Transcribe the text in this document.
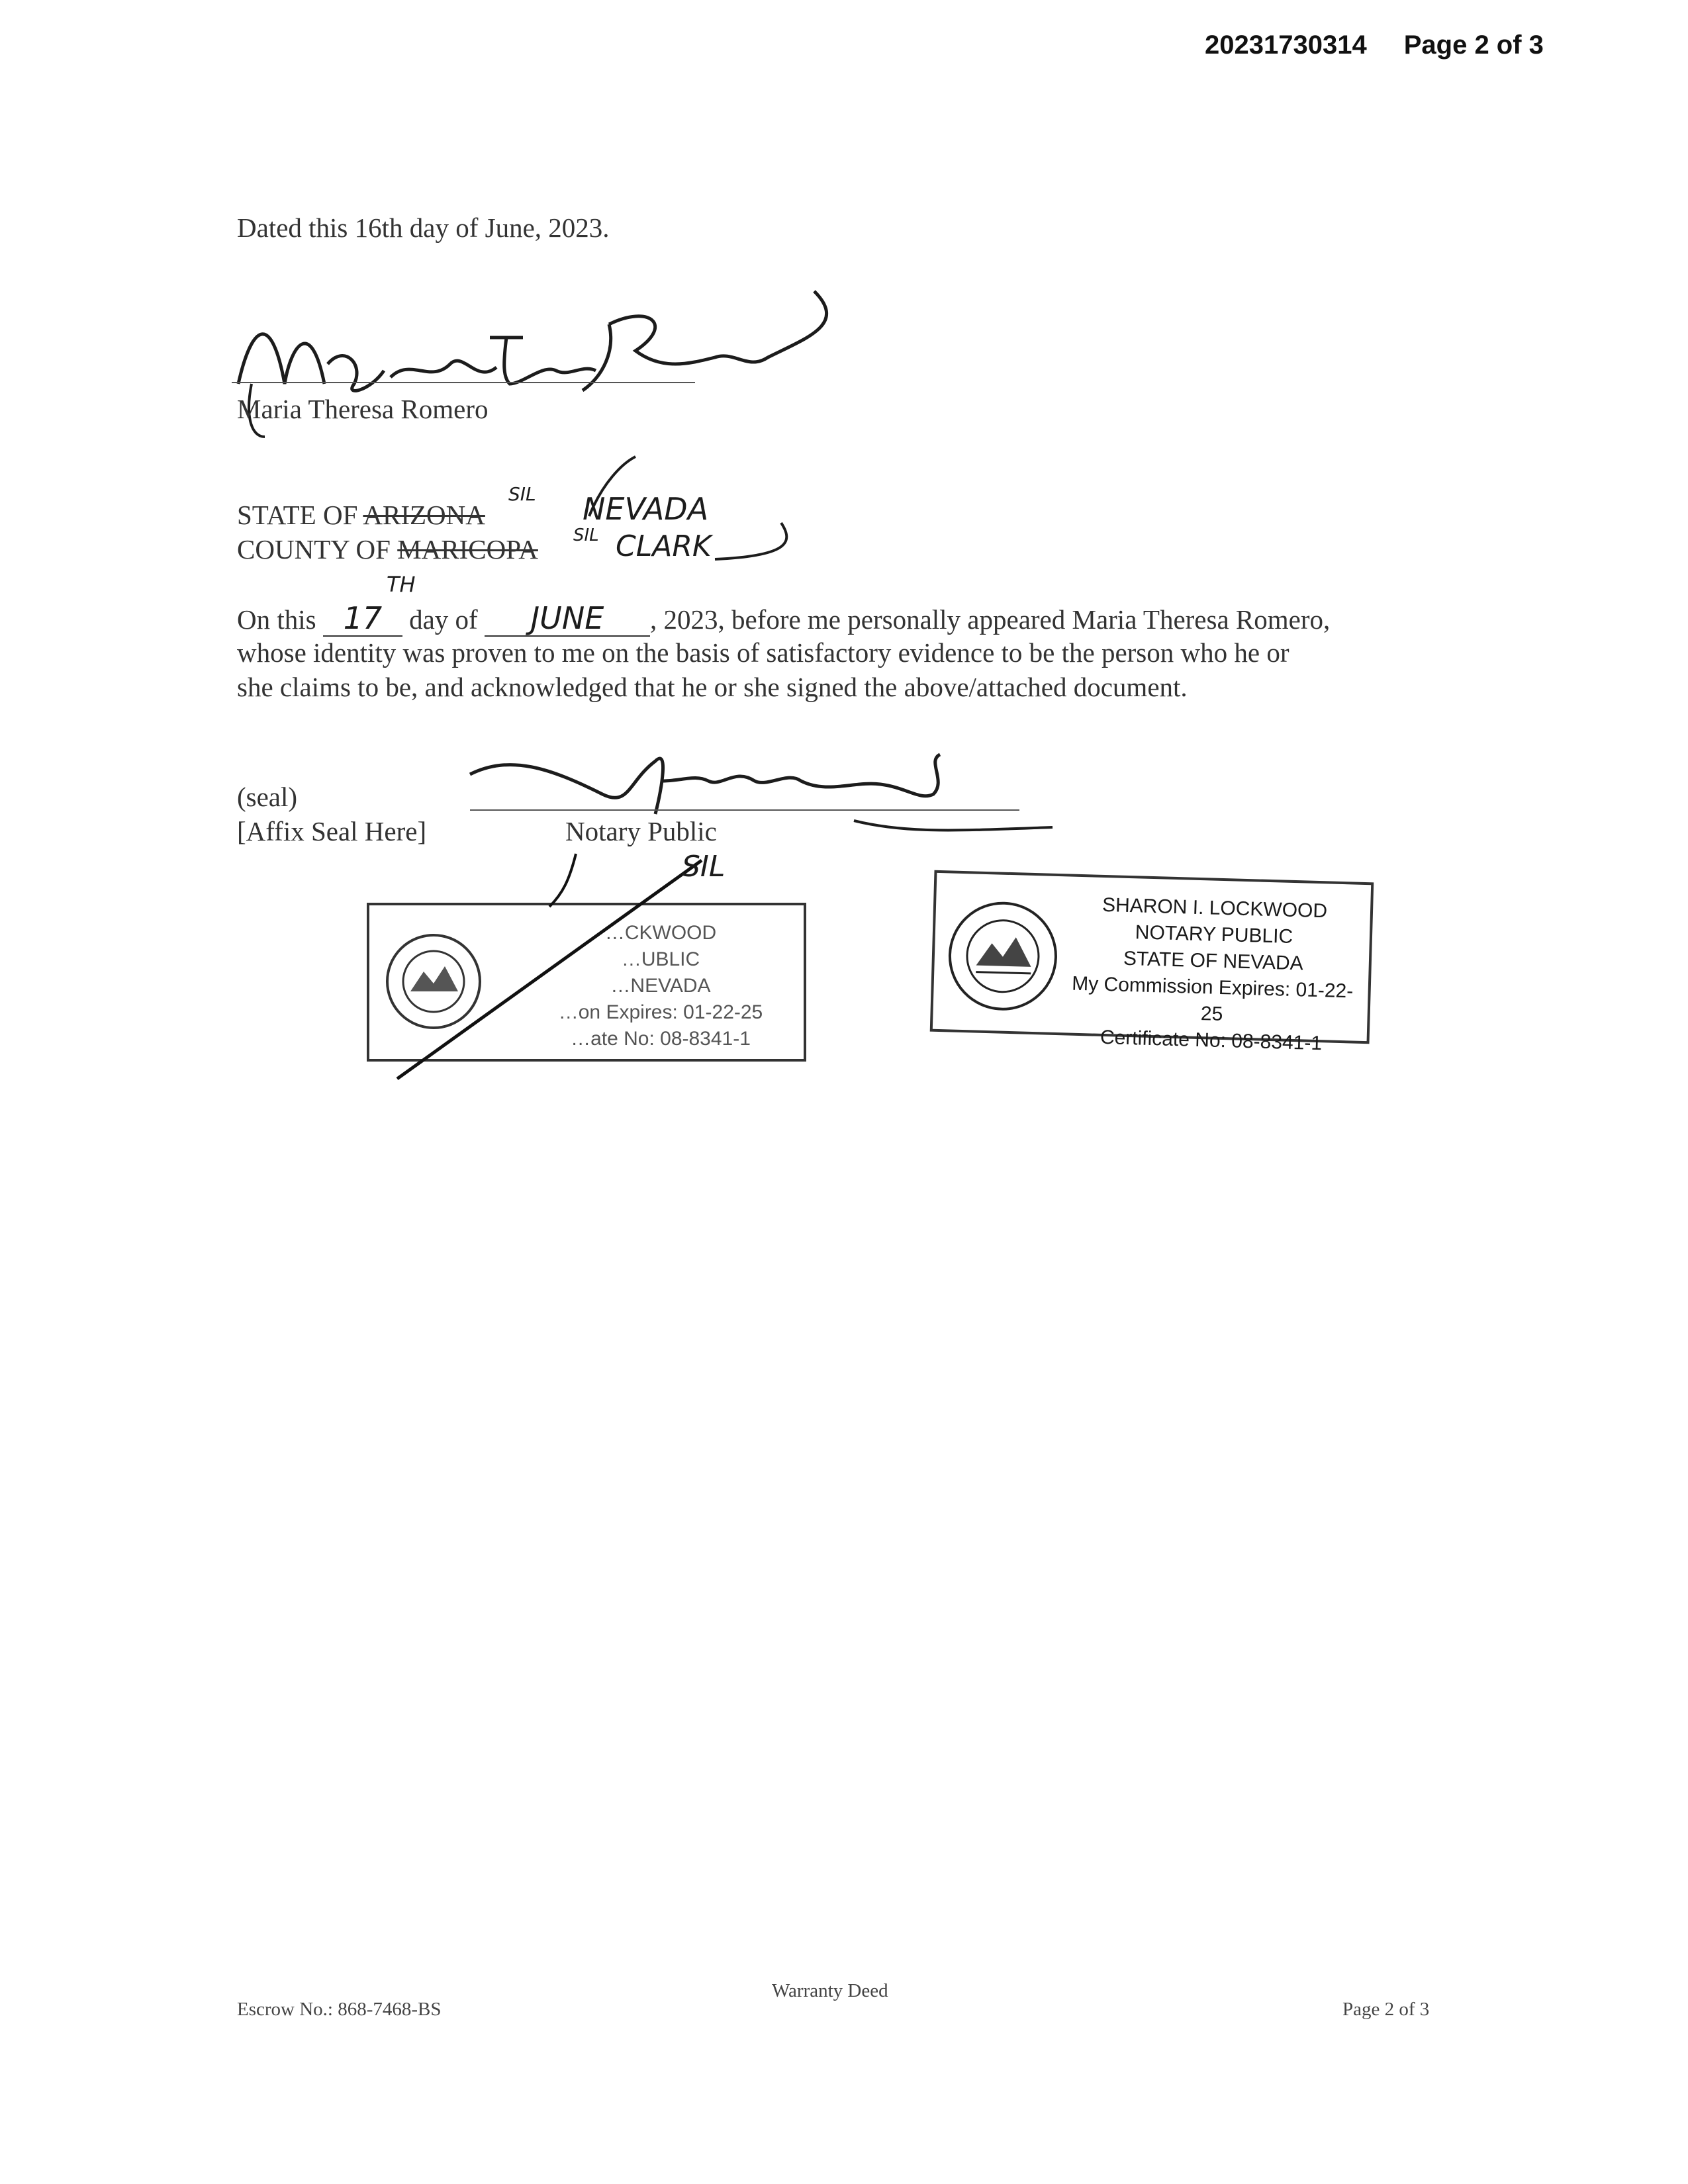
20231730314 Page 2 of 3
Dated this 16th day of June, 2023.
Maria Theresa Romero
STATE OF ARIZONA
SIL NEVADA
COUNTY OF MARICOPA SIL CLARK
TH
On this 17 day of JUNE , 2023, before me personally appeared Maria Theresa Romero,
whose identity was proven to me on the basis of satisfactory evidence to be the person who he or
she claims to be, and acknowledged that he or she signed the above/attached document.
(seal)
[Affix Seal Here]	Notary Public
…CKWOOD
…UBLIC
…NEVADA
…on Expires: 01-22-25
…ate No: 08-8341-1
SIL
SHARON I. LOCKWOOD
NOTARY PUBLIC
STATE OF NEVADA
My Commission Expires: 01-22-25
Certificate No: 08-8341-1
Warranty Deed
Escrow No.: 868-7468-BS	Page 2 of 3
